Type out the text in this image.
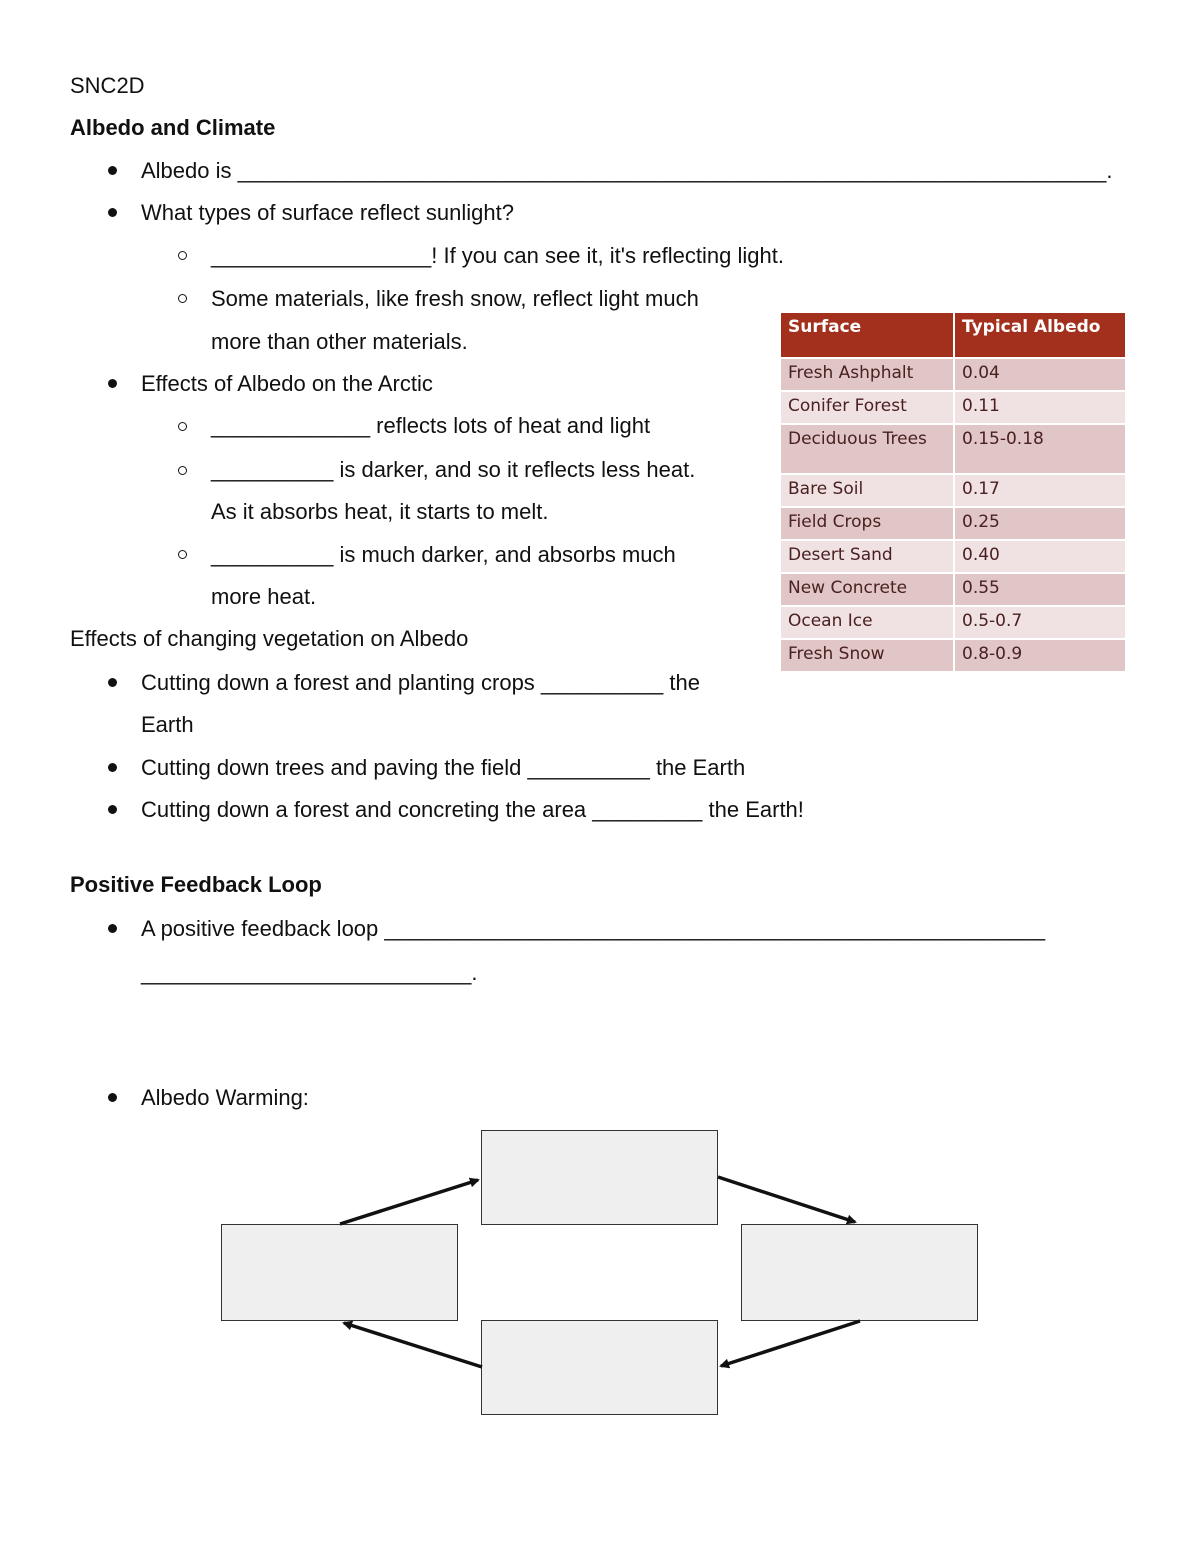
SNC2D
Albedo and Climate
Albedo is _______________________________________________________________________.
What types of surface reflect sunlight?
__________________! If you can see it, it's reflecting light.
Some materials, like fresh snow, reflect light much
more than other materials.
Effects of Albedo on the Arctic
_____________ reflects lots of heat and light
__________ is darker, and so it reflects less heat.
As it absorbs heat, it starts to melt.
__________ is much darker, and absorbs much
more heat.
Effects of changing vegetation on Albedo
Cutting down a forest and planting crops __________ the
Earth
Cutting down trees and paving the field __________ the Earth
Cutting down a forest and concreting the area _________ the Earth!
Surface	Typical Albedo
Fresh Ashphalt	0.04
Conifer Forest	0.11
Deciduous Trees	0.15-0.18
Bare Soil	0.17
Field Crops	0.25
Desert Sand	0.40
New Concrete	0.55
Ocean Ice	0.5-0.7
Fresh Snow	0.8-0.9
Positive Feedback Loop
A positive feedback loop ______________________________________________________
___________________________.
Albedo Warming:
